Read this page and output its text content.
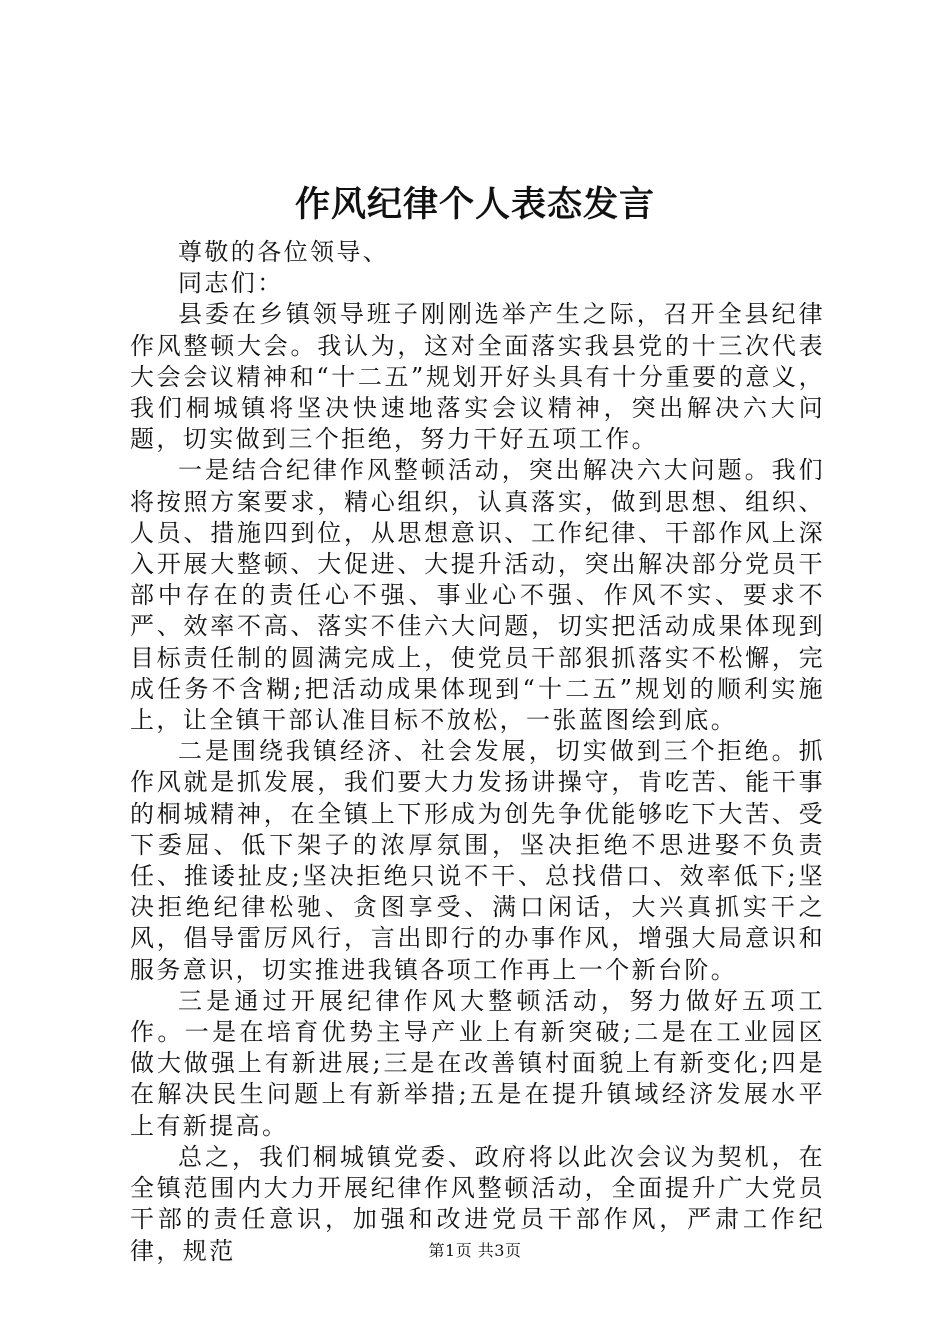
作风纪律个人表态发言

尊敬的各位领导、

同志们：

县委在乡镇领导班子刚刚选举产生之际，召开全县纪律作风整顿大会。我认为，这对全面落实我县党的十三次代表大会会议精神和“十二五”规划开好头具有十分重要的意义，我们桐城镇将坚决快速地落实会议精神，突出解决六大问题，切实做到三个拒绝，努力干好五项工作。

一是结合纪律作风整顿活动，突出解决六大问题。我们将按照方案要求，精心组织，认真落实，做到思想、组织、人员、措施四到位，从思想意识、工作纪律、干部作风上深入开展大整顿、大促进、大提升活动，突出解决部分党员干部中存在的责任心不强、事业心不强、作风不实、要求不严、效率不高、落实不佳六大问题，切实把活动成果体现到目标责任制的圆满完成上，使党员干部狠抓落实不松懈，完成任务不含糊;把活动成果体现到“十二五”规划的顺利实施上，让全镇干部认准目标不放松，一张蓝图绘到底。

二是围绕我镇经济、社会发展，切实做到三个拒绝。抓作风就是抓发展，我们要大力发扬讲操守，肯吃苦、能干事的桐城精神，在全镇上下形成为创先争优能够吃下大苦、受下委屈、低下架子的浓厚氛围，坚决拒绝不思进娶不负责任、推诿扯皮;坚决拒绝只说不干、总找借口、效率低下;坚决拒绝纪律松驰、贪图享受、满口闲话，大兴真抓实干之风，倡导雷厉风行，言出即行的办事作风，增强大局意识和服务意识，切实推进我镇各项工作再上一个新台阶。

三是通过开展纪律作风大整顿活动，努力做好五项工作。一是在培育优势主导产业上有新突破;二是在工业园区做大做强上有新进展;三是在改善镇村面貌上有新变化;四是在解决民生问题上有新举措;五是在提升镇域经济发展水平上有新提高。

总之，我们桐城镇党委、政府将以此次会议为契机，在全镇范围内大力开展纪律作风整顿活动，全面提升广大党员干部的责任意识，加强和改进党员干部作风，严肃工作纪律，规范	第1页 共3页
